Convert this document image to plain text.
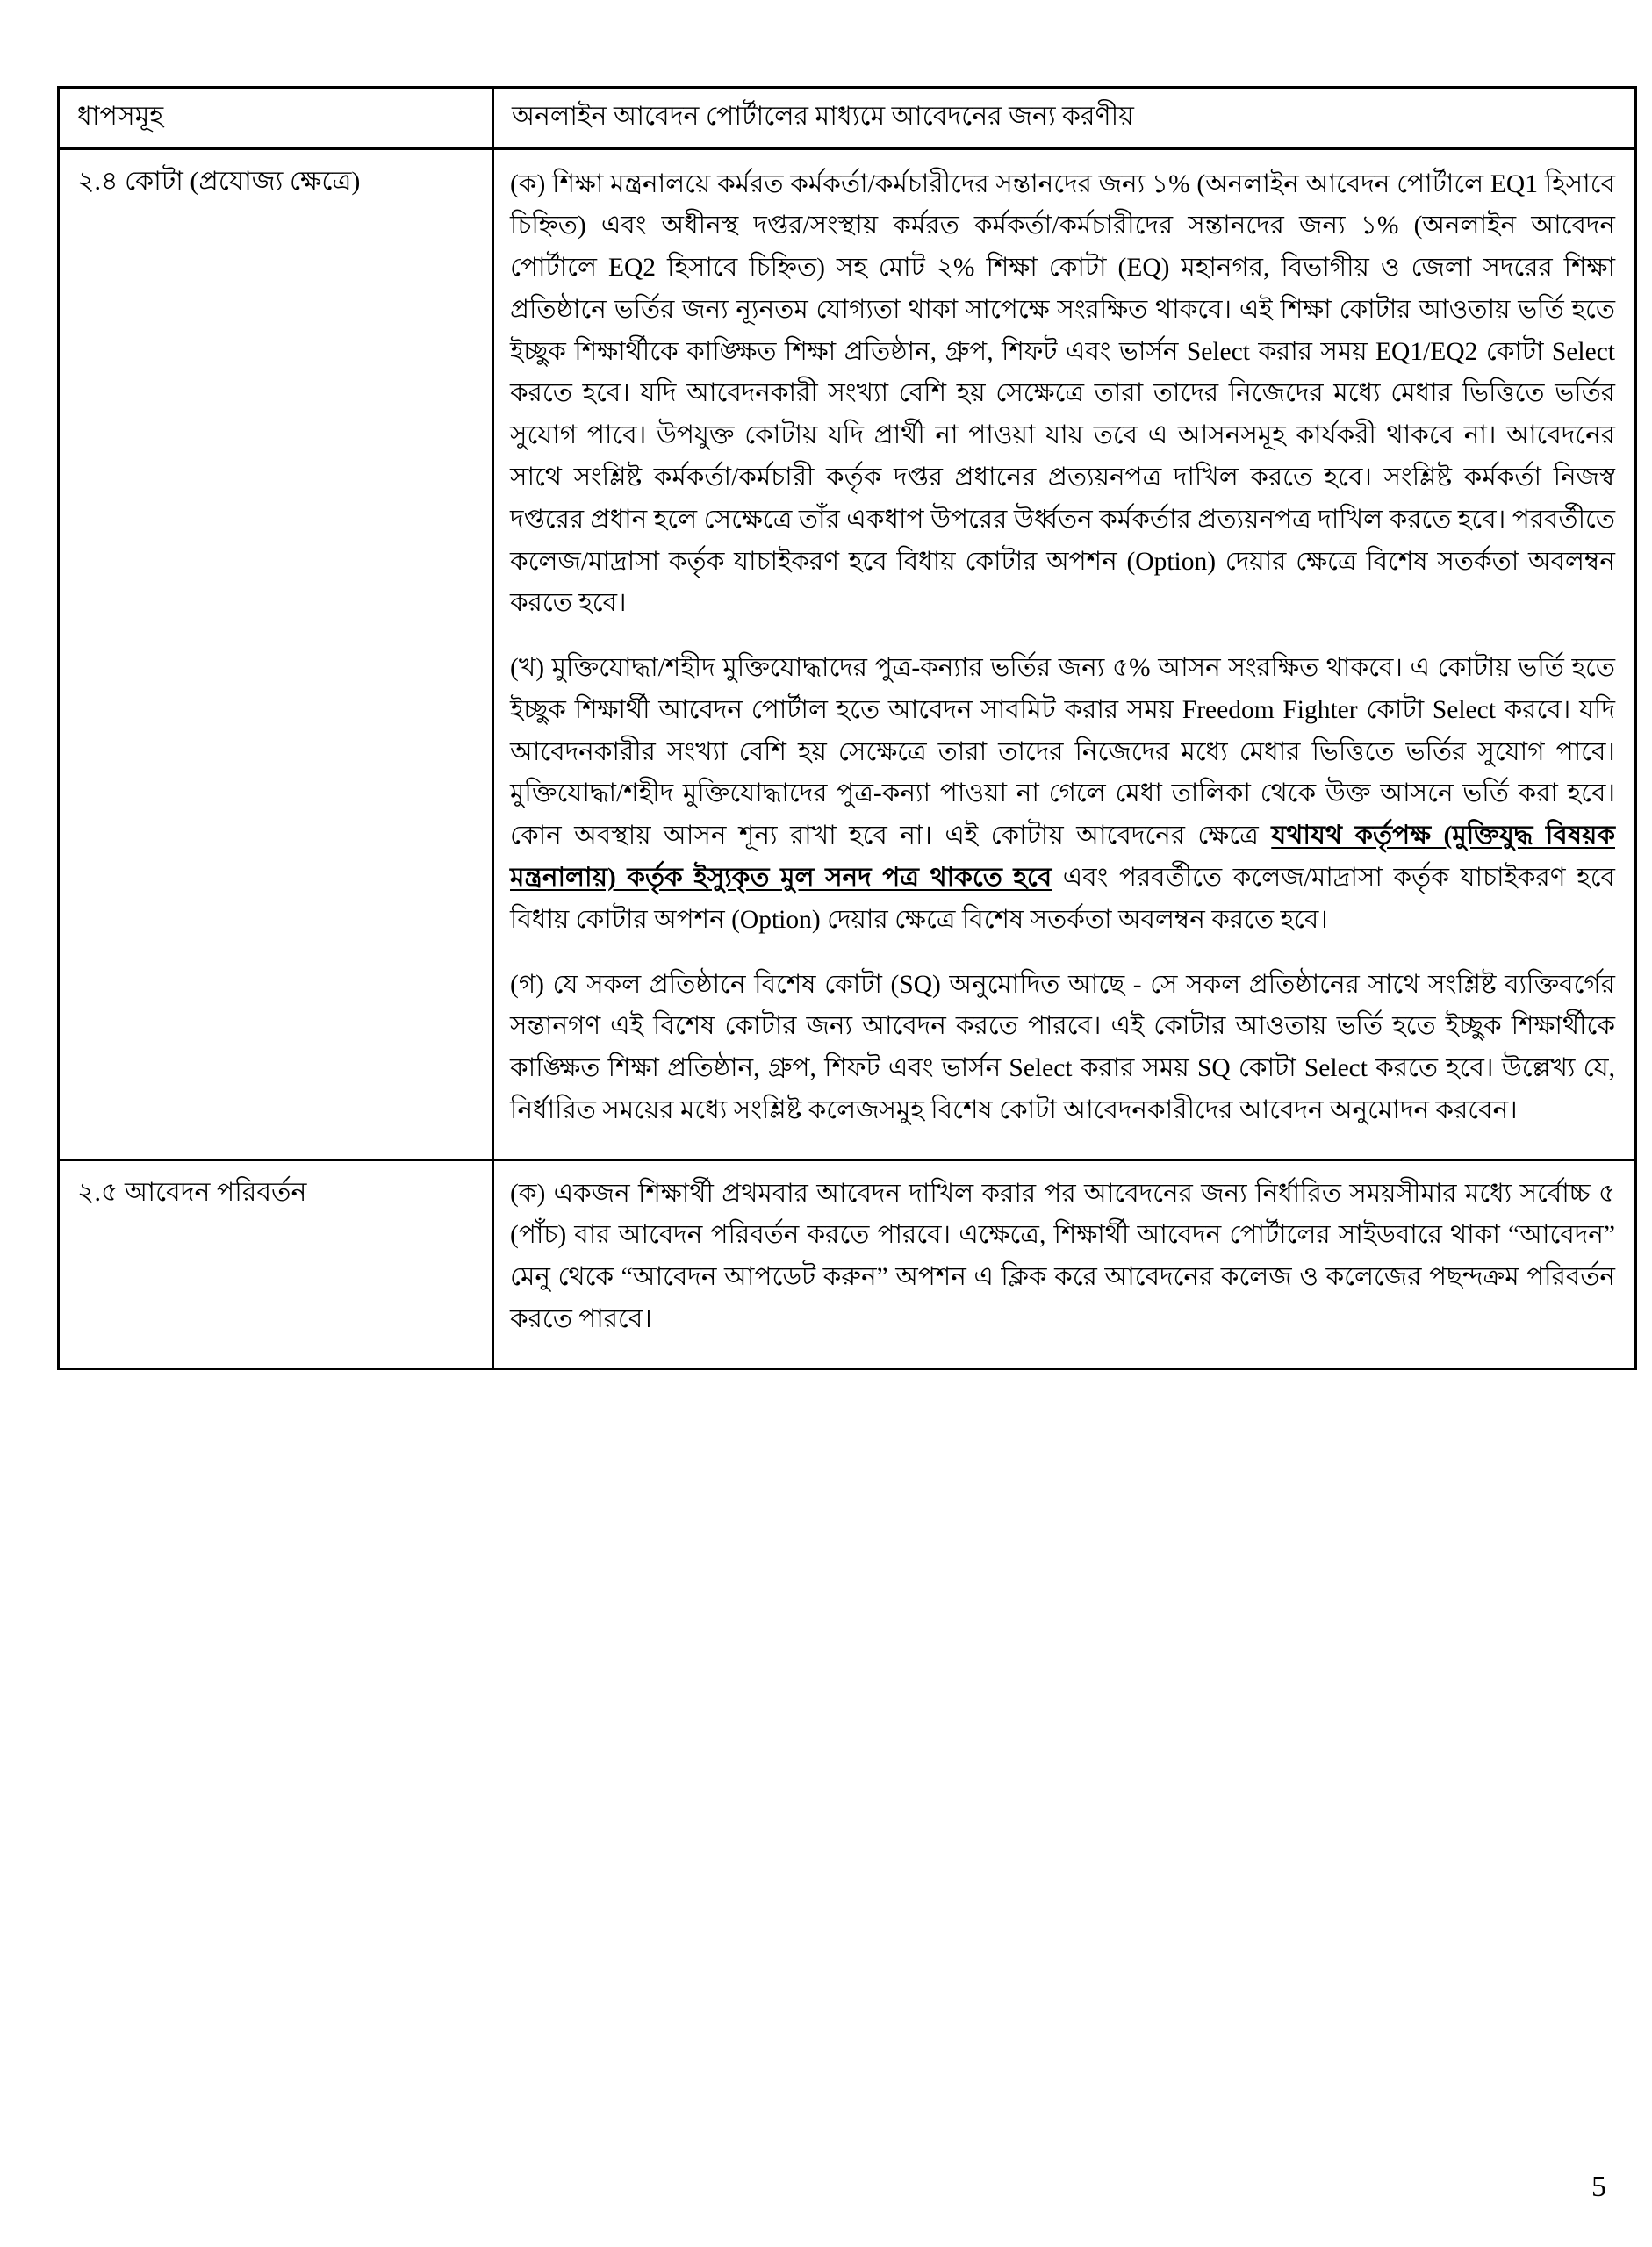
ধাপসমূহ	অনলাইন আবেদন পোর্টালের মাধ্যমে আবেদনের জন্য করণীয়

২.৪ কোটা (প্রযোজ্য ক্ষেত্রে)	(ক) শিক্ষা মন্ত্রনালয়ে কর্মরত কর্মকর্তা/কর্মচারীদের সন্তানদের জন্য ১% (অনলাইন আবেদন পোর্টালে EQ1 হিসাবে চিহ্নিত) এবং অধীনস্থ দপ্তর/সংস্থায় কর্মরত কর্মকর্তা/কর্মচারীদের সন্তানদের জন্য ১% (অনলাইন আবেদন পোর্টালে EQ2 হিসাবে চিহ্নিত) সহ মোট ২% শিক্ষা কোটা (EQ) মহানগর, বিভাগীয় ও জেলা সদরের শিক্ষা প্রতিষ্ঠানে ভর্তির জন্য ন্যূনতম যোগ্যতা থাকা সাপেক্ষে সংরক্ষিত থাকবে। এই শিক্ষা কোটার আওতায় ভর্তি হতে ইচ্ছুক শিক্ষার্থীকে কাঙ্ক্ষিত শিক্ষা প্রতিষ্ঠান, গ্রুপ, শিফট এবং ভার্সন Select করার সময় EQ1/EQ2 কোটা Select করতে হবে। যদি আবেদনকারী সংখ্যা বেশি হয় সেক্ষেত্রে তারা তাদের নিজেদের মধ্যে মেধার ভিত্তিতে ভর্তির সুযোগ পাবে। উপযুক্ত কোটায় যদি প্রার্থী না পাওয়া যায় তবে এ আসনসমূহ কার্যকরী থাকবে না। আবেদনের সাথে সংশ্লিষ্ট কর্মকর্তা/কর্মচারী কর্তৃক দপ্তর প্রধানের প্রত্যয়নপত্র দাখিল করতে হবে। সংশ্লিষ্ট কর্মকর্তা নিজস্ব দপ্তরের প্রধান হলে সেক্ষেত্রে তাঁর একধাপ উপরের উর্ধ্বতন কর্মকর্তার প্রত্যয়নপত্র দাখিল করতে হবে। পরবর্তীতে কলেজ/মাদ্রাসা কর্তৃক যাচাইকরণ হবে বিধায় কোটার অপশন (Option) দেয়ার ক্ষেত্রে বিশেষ সতর্কতা অবলম্বন করতে হবে।

(খ) মুক্তিযোদ্ধা/শহীদ মুক্তিযোদ্ধাদের পুত্র-কন্যার ভর্তির জন্য ৫% আসন সংরক্ষিত থাকবে। এ কোটায় ভর্তি হতে ইচ্ছুক শিক্ষার্থী আবেদন পোর্টাল হতে আবেদন সাবমিট করার সময় Freedom Fighter কোটা Select করবে। যদি আবেদনকারীর সংখ্যা বেশি হয় সেক্ষেত্রে তারা তাদের নিজেদের মধ্যে মেধার ভিত্তিতে ভর্তির সুযোগ পাবে। মুক্তিযোদ্ধা/শহীদ মুক্তিযোদ্ধাদের পুত্র-কন্যা পাওয়া না গেলে মেধা তালিকা থেকে উক্ত আসনে ভর্তি করা হবে। কোন অবস্থায় আসন শূন্য রাখা হবে না। এই কোটায় আবেদনের ক্ষেত্রে যথাযথ কর্তৃপক্ষ (মুক্তিযুদ্ধ বিষয়ক মন্ত্রনালায়) কর্তৃক ইস্যুকৃত মুল সনদ পত্র থাকতে হবে এবং পরবর্তীতে কলেজ/মাদ্রাসা কর্তৃক যাচাইকরণ হবে বিধায় কোটার অপশন (Option) দেয়ার ক্ষেত্রে বিশেষ সতর্কতা অবলম্বন করতে হবে।

(গ) যে সকল প্রতিষ্ঠানে বিশেষ কোটা (SQ) অনুমোদিত আছে - সে সকল প্রতিষ্ঠানের সাথে সংশ্লিষ্ট ব্যক্তিবর্গের সন্তানগণ এই বিশেষ কোটার জন্য আবেদন করতে পারবে। এই কোটার আওতায় ভর্তি হতে ইচ্ছুক শিক্ষার্থীকে কাঙ্ক্ষিত শিক্ষা প্রতিষ্ঠান, গ্রুপ, শিফট এবং ভার্সন Select করার সময় SQ কোটা Select করতে হবে। উল্লেখ্য যে, নির্ধারিত সময়ের মধ্যে সংশ্লিষ্ট কলেজসমুহ বিশেষ কোটা আবেদনকারীদের আবেদন অনুমোদন করবেন।

২.৫ আবেদন পরিবর্তন	(ক) একজন শিক্ষার্থী প্রথমবার আবেদন দাখিল করার পর আবেদনের জন্য নির্ধারিত সময়সীমার মধ্যে সর্বোচ্চ ৫ (পাঁচ) বার আবেদন পরিবর্তন করতে পারবে। এক্ষেত্রে, শিক্ষার্থী আবেদন পোর্টালের সাইডবারে থাকা “আবেদন” মেনু থেকে “আবেদন আপডেট করুন” অপশন এ ক্লিক করে আবেদনের কলেজ ও কলেজের পছন্দক্রম পরিবর্তন করতে পারবে।

5
